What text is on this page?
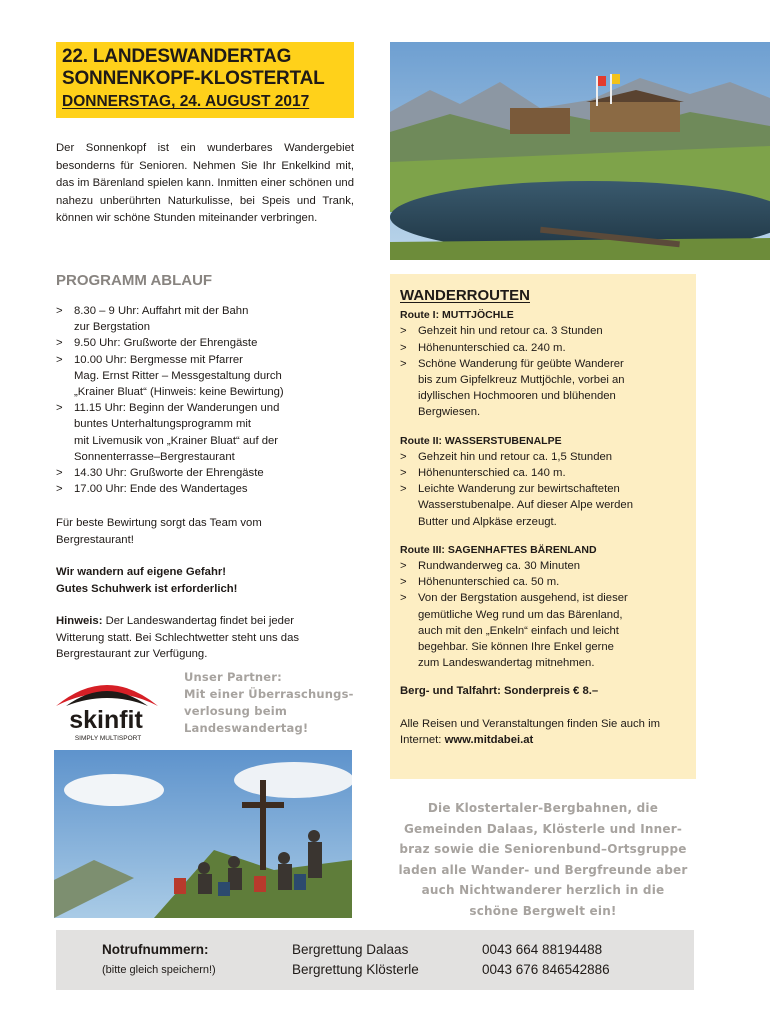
22. LANDESWANDERTAG
SONNENKOPF-KLOSTERTAL
DONNERSTAG, 24. AUGUST 2017
Der Sonnenkopf ist ein wunderbares Wandergebiet besonderns für Senioren. Nehmen Sie Ihr Enkelkind mit, das im Bärenland spielen kann. Inmitten einer schönen und nahezu unberührten Naturkulisse, bei Speis und Trank, können wir schöne Stunden miteinander verbringen.
PROGRAMM ABLAUF
> 8.30 – 9 Uhr: Auffahrt mit der Bahn
zur Bergstation
> 9.50 Uhr: Grußworte der Ehrengäste
> 10.00 Uhr: Bergmesse mit Pfarrer
Mag. Ernst Ritter – Messgestaltung durch
„Krainer Bluat“ (Hinweis: keine Bewirtung)
> 11.15 Uhr: Beginn der Wanderungen und
buntes Unterhaltungsprogramm mit
mit Livemusik von „Krainer Bluat“ auf der
Sonnenterrasse–Bergrestaurant
> 14.30 Uhr: Grußworte der Ehrengäste
> 17.00 Uhr: Ende des Wandertages
Für beste Bewirtung sorgt das Team vom
Bergrestaurant!
Wir wandern auf eigene Gefahr!
Gutes Schuhwerk ist erforderlich!
Hinweis: Der Landeswandertag findet bei jeder
Witterung statt. Bei Schlechtwetter steht uns das
Bergrestaurant zur Verfügung.
skinfit
SIMPLY MULTISPORT
Unser Partner:
Mit einer Überraschungs-
verlosung beim
Landeswandertag!
WANDERROUTEN
Route I: MUTTJÖCHLE
> Gehzeit hin und retour ca. 3 Stunden
> Höhenunterschied ca. 240 m.
> Schöne Wanderung für geübte Wanderer
bis zum Gipfelkreuz Muttjöchle, vorbei an
idyllischen Hochmooren und blühenden
Bergwiesen.
Route II: WASSERSTUBENALPE
> Gehzeit hin und retour ca. 1,5 Stunden
> Höhenunterschied ca. 140 m.
> Leichte Wanderung zur bewirtschafteten
Wasserstubenalpe. Auf dieser Alpe werden
Butter und Alpkäse erzeugt.
Route III: SAGENHAFTES BÄRENLAND
> Rundwanderweg ca. 30 Minuten
> Höhenunterschied ca. 50 m.
> Von der Bergstation ausgehend, ist dieser
gemütliche Weg rund um das Bärenland,
auch mit den „Enkeln“ einfach und leicht
begehbar. Sie können Ihre Enkel gerne
zum Landeswandertag mitnehmen.
Berg- und Talfahrt: Sonderpreis € 8.–
Alle Reisen und Veranstaltungen finden Sie auch im Internet: www.mitdabei.at
Die Klostertaler-Bergbahnen, die
Gemeinden Dalaas, Klösterle und Inner-
braz sowie die Seniorenbund–Ortsgruppe
laden alle Wander- und Bergfreunde aber
auch Nichtwanderer herzlich in die
schöne Bergwelt ein!
Notrufnummern:
(bitte gleich speichern!)
Bergrettung Dalaas
Bergrettung Klösterle
0043 664 88194488
0043 676 846542886
